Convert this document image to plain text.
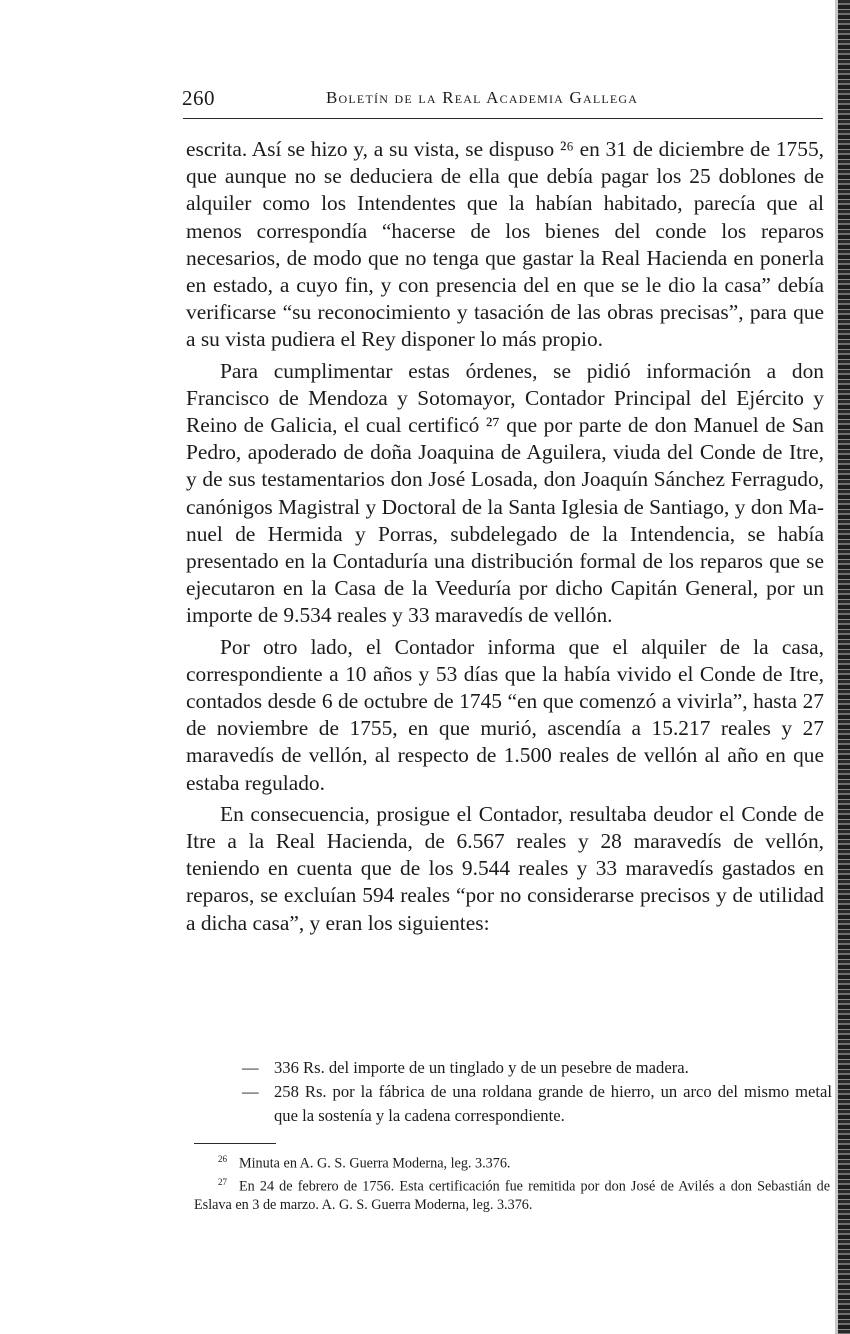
260	Boletín de la Real Academia Gallega

escrita. Así se hizo y, a su vista, se dispuso ²⁶ en 31 de diciembre de 1755, que aunque no se deduciera de ella que debía pagar los 25 doblones de alquiler como los Intendentes que la habían habitado, parecía que al menos correspondía “hacerse de los bienes del conde los reparos necesarios, de modo que no tenga que gastar la Real Hacienda en ponerla en estado, a cuyo fin, y con presencia del en que se le dio la casa” debía verificarse “su reconocimiento y tasación de las obras precisas”, para que a su vista pudiera el Rey disponer lo más propio.

Para cumplimentar estas órdenes, se pidió información a don Francisco de Mendoza y Sotomayor, Contador Principal del Ejército y Reino de Galicia, el cual certificó ²⁷ que por parte de don Manuel de San Pedro, apoderado de doña Joaquina de Aguilera, viuda del Conde de Itre, y de sus testamentarios don José Losada, don Joaquín Sánchez Ferragudo, canónigos Magistral y Doctoral de la Santa Iglesia de Santiago, y don Manuel de Hermida y Porras, subdelegado de la Intendencia, se había presentado en la Contaduría una distribución formal de los reparos que se ejecutaron en la Casa de la Veeduría por dicho Capitán General, por un importe de 9.534 reales y 33 maravedís de vellón.

Por otro lado, el Contador informa que el alquiler de la casa, correspondiente a 10 años y 53 días que la había vivido el Conde de Itre, contados desde 6 de octubre de 1745 “en que comenzó a vivirla”, hasta 27 de noviembre de 1755, en que murió, ascendía a 15.217 reales y 27 maravedís de vellón, al respecto de 1.500 reales de vellón al año en que estaba regulado.

En consecuencia, prosigue el Contador, resultaba deudor el Conde de Itre a la Real Hacienda, de 6.567 reales y 28 maravedís de vellón, teniendo en cuenta que de los 9.544 reales y 33 maravedís gastados en reparos, se excluían 594 reales “por no considerarse precisos y de utilidad a dicha casa”, y eran los siguientes:

— 336 Rs. del importe de un tinglado y de un pesebre de madera.
— 258 Rs. por la fábrica de una roldana grande de hierro, un arco del mismo metal que la sostenía y la cadena correspondiente.

$^{26}$ Minuta en A. G. S. Guerra Moderna, leg. 3.376.

$^{27}$ En 24 de febrero de 1756. Esta certificación fue remitida por don José de Avilés a don Sebastián de Eslava en 3 de marzo. A. G. S. Guerra Moderna, leg. 3.376.
